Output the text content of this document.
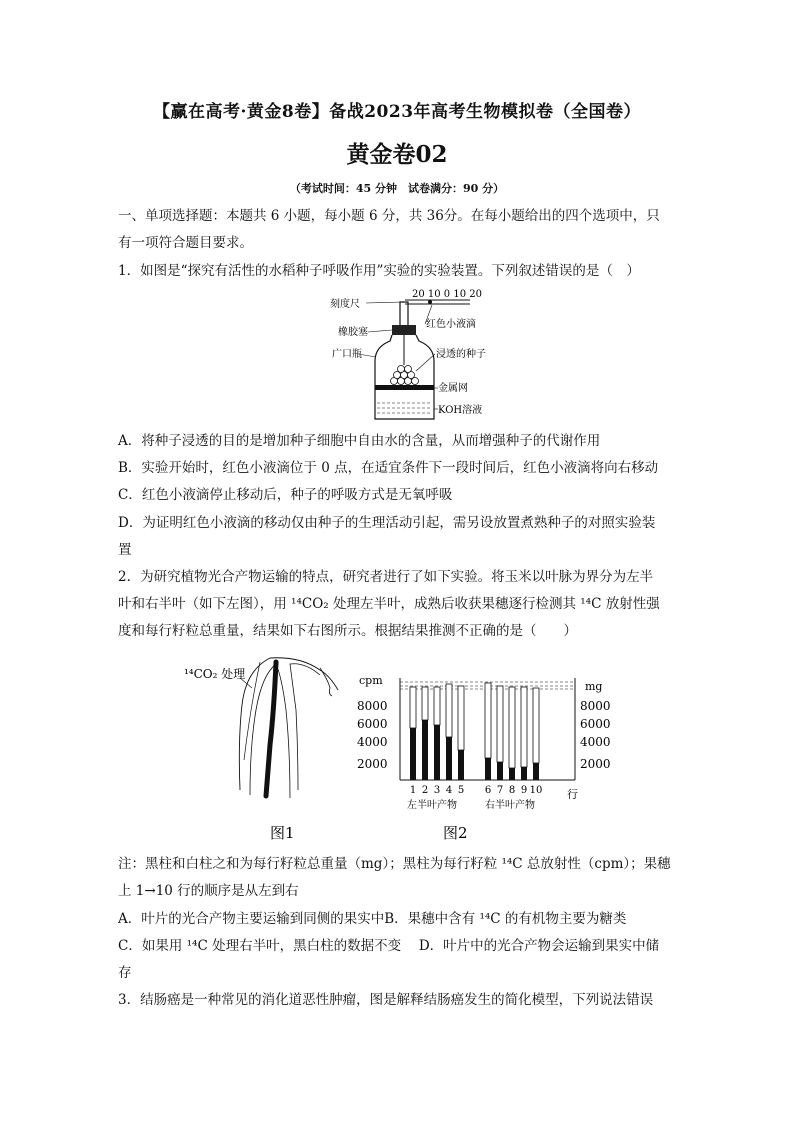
【赢在高考·黄金8卷】备战2023年高考生物模拟卷（全国卷）
黄金卷02
（考试时间：45 分钟　试卷满分：90 分）
一、单项选择题：本题共 6 小题，每小题 6 分，共 36分。在每小题给出的四个选项中，只
有一项符合题目要求。
1．如图是“探究有活性的水稻种子呼吸作用”实验的实验装置。下列叙述错误的是（　）
20 10 0 10 20
刻度尺
红色小液滴
橡胶塞
广口瓶	浸透的种子
金属网
KOH溶液
A．将种子浸透的目的是增加种子细胞中自由水的含量，从而增强种子的代谢作用
B．实验开始时，红色小液滴位于 0 点，在适宜条件下一段时间后，红色小液滴将向右移动
C．红色小液滴停止移动后，种子的呼吸方式是无氧呼吸
D．为证明红色小液滴的移动仅由种子的生理活动引起，需另设放置煮熟种子的对照实验装
置
2．为研究植物光合产物运输的特点，研究者进行了如下实验。将玉米以叶脉为界分为左半
叶和右半叶（如下左图），用 ¹⁴CO₂ 处理左半叶，成熟后收获果穗逐行检测其 ¹⁴C 放射性强
度和每行籽粒总重量，结果如下右图所示。根据结果推测不正确的是（　　）
¹⁴CO₂ 处理
图1
1 2 3 4 5 6 7 8 9 10
cpm	mg
8000
6000
4000
2000
8000
6000
4000
2000
左半叶产物	右半叶产物
行
图2
注：黑柱和白柱之和为每行籽粒总重量（mg）；黑柱为每行籽粒 ¹⁴C 总放射性（cpm）；果穗
上 1→10 行的顺序是从左到右
A．叶片的光合产物主要运输到同侧的果实中B．果穗中含有 ¹⁴C 的有机物主要为糖类
C．如果用 ¹⁴C 处理右半叶，黑白柱的数据不变　 D．叶片中的光合产物会运输到果实中储
存
3．结肠癌是一种常见的消化道恶性肿瘤，图是解释结肠癌发生的简化模型，下列说法错误
